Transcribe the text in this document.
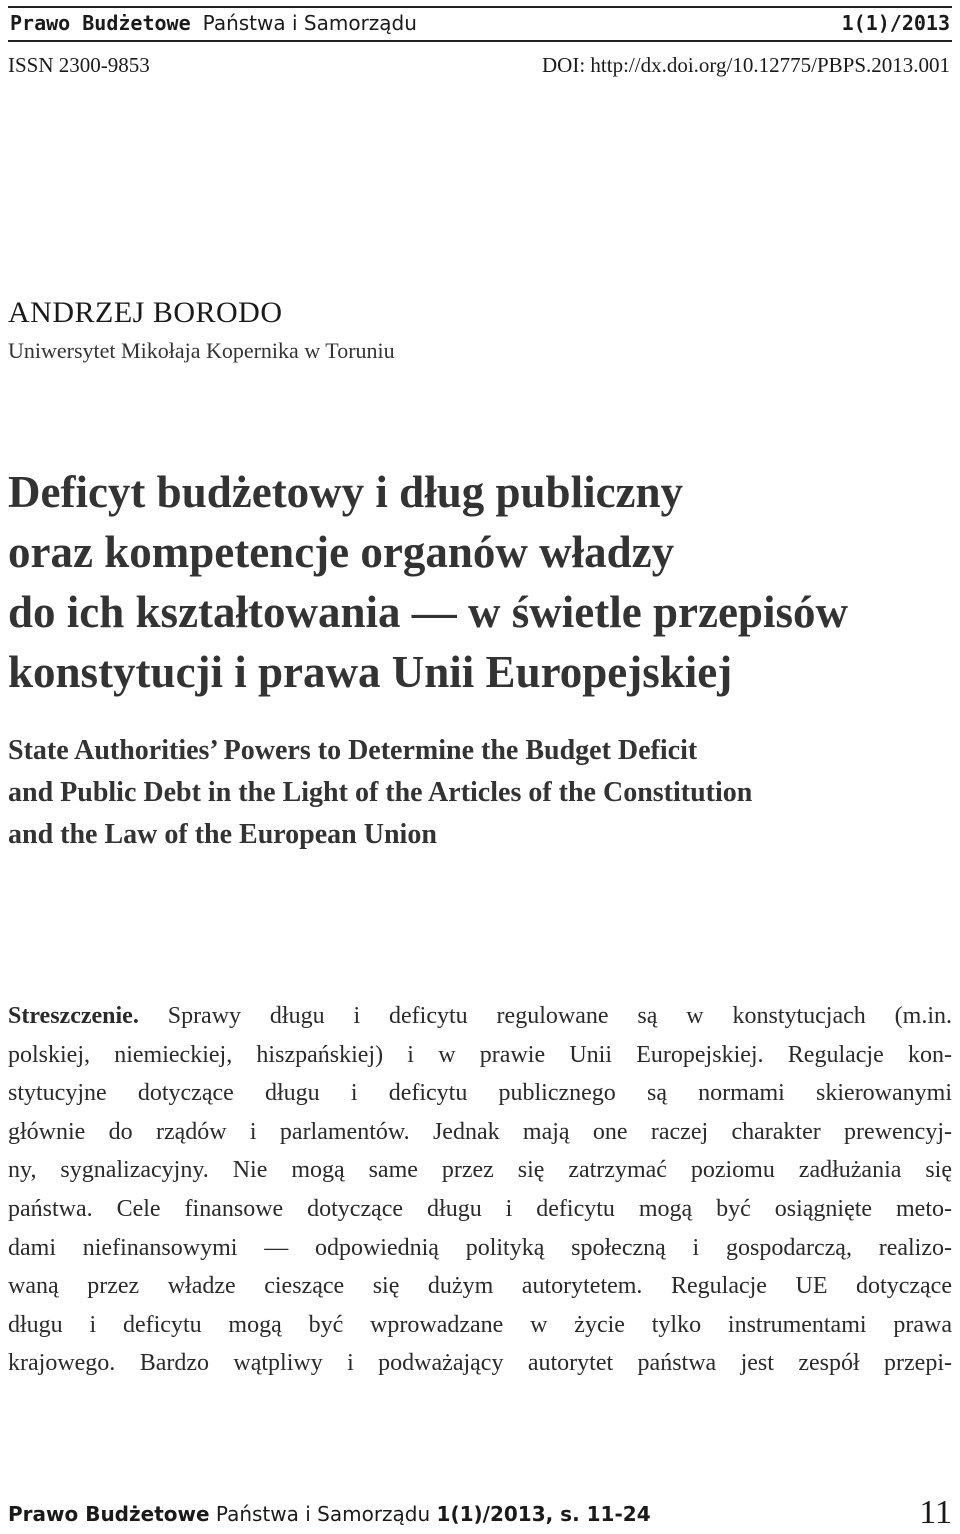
Prawo Budżetowe Państwa i Samorządu	1(1)/2013
ISSN 2300-9853	DOI: http://dx.doi.org/10.12775/PBPS.2013.001
ANDRZEJ BORODO
Uniwersytet Mikołaja Kopernika w Toruniu
Deficyt budżetowy i dług publiczny
oraz kompetencje organów władzy
do ich kształtowania — w świetle przepisów
konstytucji i prawa Unii Europejskiej
State Authorities’ Powers to Determine the Budget Deficit
and Public Debt in the Light of the Articles of the Constitution
and the Law of the European Union
Streszczenie. Sprawy długu i deficytu regulowane są w konstytucjach (m.in.
polskiej, niemieckiej, hiszpańskiej) i w prawie Unii Europejskiej. Regulacje kon-
stytucyjne dotyczące długu i deficytu publicznego są normami skierowanymi
głównie do rządów i parlamentów. Jednak mają one raczej charakter prewencyj-
ny, sygnalizacyjny. Nie mogą same przez się zatrzymać poziomu zadłużania się
państwa. Cele finansowe dotyczące długu i deficytu mogą być osiągnięte meto-
dami niefinansowymi — odpowiednią polityką społeczną i gospodarczą, realizo-
waną przez władze cieszące się dużym autorytetem. Regulacje UE dotyczące
długu i deficytu mogą być wprowadzane w życie tylko instrumentami prawa
krajowego. Bardzo wątpliwy i podważający autorytet państwa jest zespół przepi-
Prawo Budżetowe Państwa i Samorządu 1(1)/2013, s. 11-24	11
